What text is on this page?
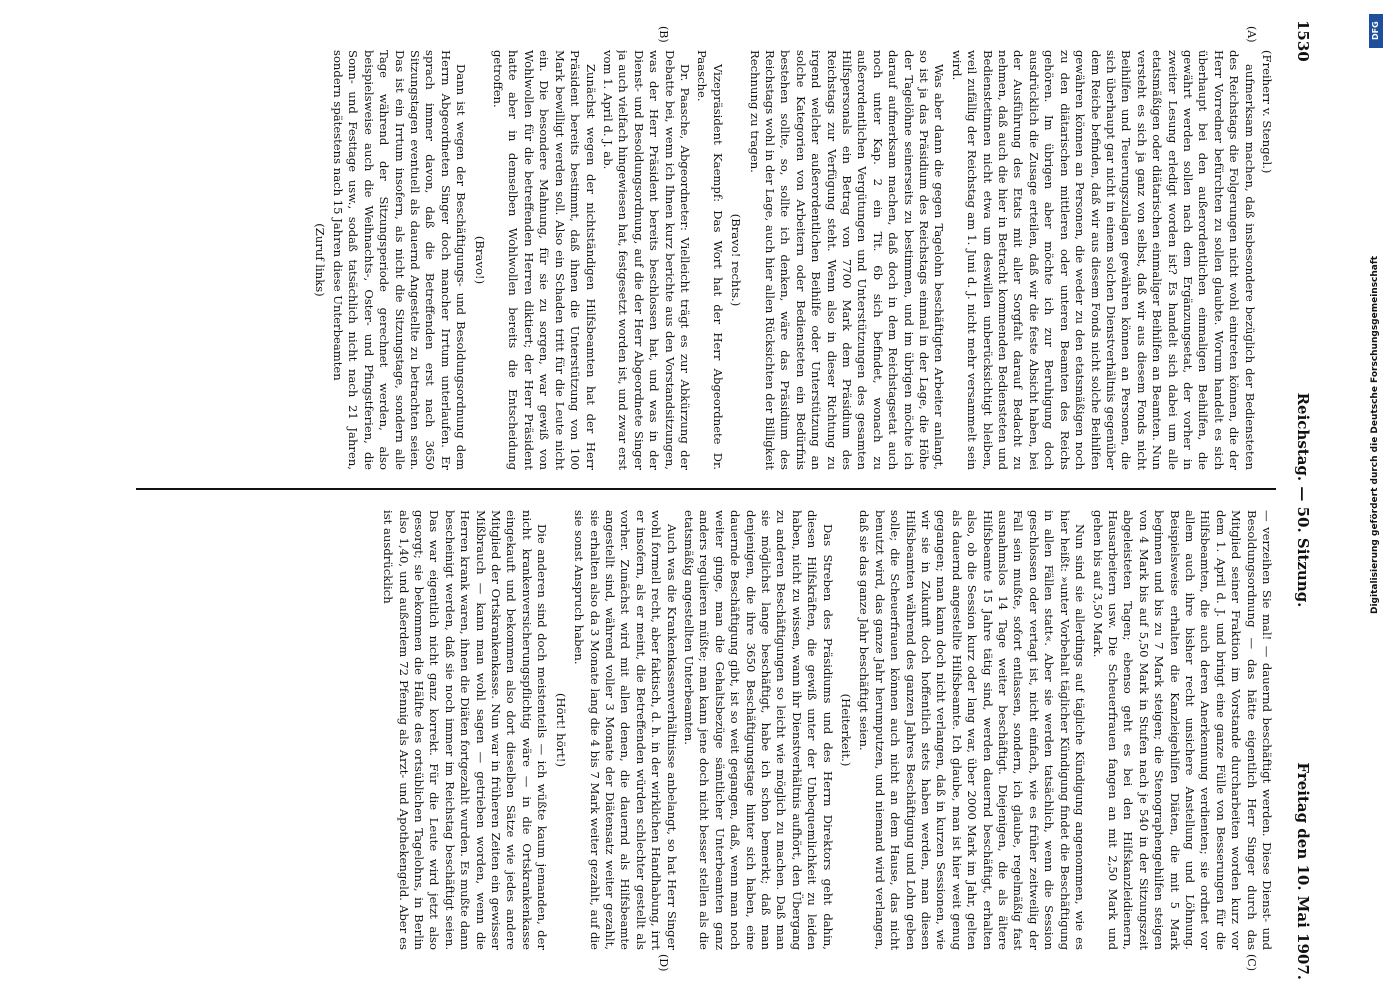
1530
Reichstag. — 50. Sitzung.
Freitag den 10. Mai 1907.
(A)
(B)
(C)
(D)

(Freiherr v. Stengel.)

aufmerksam machen, daß insbesondere bezüglich der Bediensteten des Reichstags die Folgerungen nicht wohl eintreten können, die der Herr Vorredner befürchten zu sollen glaubte. Worum handelt es sich überhaupt bei den außerordentlichen einmaligen Beihilfen, die gewährt werden sollen nach dem Ergänzungsetat, der vorher in zweiter Lesung erledigt worden ist? Es handelt sich dabei um alle etatsmäßigen oder diätarischen einmaliger Beihilfen an Beamten. Nun versteht es sich ja ganz von selbst, daß wir aus diesem Fonds nicht Beihilfen und Teuerungszulagen gewähren können an Personen, die sich überhaupt gar nicht in einem solchen Dienstverhältnis gegenüber dem Reiche befinden, daß wir aus diesem Fonds nicht solche Beihilfen gewähren können an Personen, die weder zu den etatsmäßigen noch zu den diätarischen mittleren oder unteren Beamten des Reichs gehören. Im übrigen aber möchte ich zur Beruhigung doch ausdrücklich die Zusage erteilen, daß wir die feste Absicht haben, bei der Ausführung des Etats mit aller Sorgfalt darauf Bedacht zu nehmen, daß auch die hier in Betracht kommenden Bediensteten und Bedienstetinnen nicht etwa um deswillen unberücksichtigt bleiben, weil zufällig der Reichstag am 1. Juni d. J. nicht mehr versammelt sein wird.

Was aber dann die gegen Tagelohn beschäftigten Arbeiter anlangt, so ist ja das Präsidium des Reichstags einmal in der Lage, die Höhe der Tagelöhne seinerseits zu bestimmen, und im übrigen möchte ich darauf aufmerksam machen, daß doch in dem Reichstagsetat auch noch unter Kap. 2 ein Tit. 6b sich befindet, wonach zu außerordentlichen Vergütungen und Unterstützungen des gesamten Hilfspersonals ein Betrag von 7700 Mark dem Präsidium des Reichstags zur Verfügung steht. Wenn also in dieser Richtung zu irgend welcher außerordentlichen Beihilfe oder Unterstützung an solche Kategorien von Arbeitern oder Bediensteten ein Bedürfnis bestehen sollte, so, sollte ich denken, wäre das Präsidium des Reichstags wohl in der Lage, auch hier allen Rücksichten der Billigkeit Rechnung zu tragen.

(Bravo! rechts.)

Vizepräsident Kaempf: Das Wort hat der Herr Abgeordnete Dr. Paasche.

Dr. Paasche, Abgeordneter: Vielleicht trägt es zur Abkürzung der Debatte bei, wenn ich Ihnen kurz berichte aus den Vorstandsitzungen, was der Herr Präsident bereits beschlossen hat, und was in der Dienst- und Besoldungsordnung, auf die der Herr Abgeordnete Singer ja auch vielfach hingewiesen hat, festgesetzt worden ist, und zwar erst vom 1. April d. J. ab.

Zunächst wegen der nichtständigen Hilfsbeamten hat der Herr Präsident bereits bestimmt, daß ihnen die Unterstützung von 100 Mark bewilligt werden soll. Also ein Schaden tritt für die Leute nicht ein. Die besondere Mahnung, für sie zu sorgen, war gewiß von Wohlwollen für die betreffenden Herren diktiert; der Herr Präsident hatte aber in demselben Wohlwollen bereits die Entscheidung getroffen.

(Bravo!)

Dann ist wegen der Beschäftigungs- und Besoldungsordnung dem Herrn Abgeordneten Singer doch mancher Irrtum unterlaufen. Er sprach immer davon, daß die Betreffenden erst nach 3650 Sitzungstagen eventuell als dauernd Angestellte zu betrachten seien. Das ist ein Irrtum insofern, als nicht die Sitzungstage, sondern alle Tage während der Sitzungsperiode gerechnet werden, also beispielsweise auch die Weihnachts-, Oster- und Pfingstferien, die Sonn- und Festtage usw., sodaß tatsächlich nicht nach 21 Jahren, sondern spätestens nach 15 Jahren diese Unterbeamten

(Zuruf links)

— verzeihen Sie mal! — dauernd beschäftigt werden. Diese Dienst- und Besoldungsordnung — das hätte eigentlich Herr Singer durch das Mitglied seiner Fraktion im Vorstande durcharbeiten worden kurz vor dem 1. April d. J. und bringt eine ganze Fülle von Besserungen für die Hilfsbeamten, die auch deren Anerkennung verdienten; sie ordnet vor allem auch ihre bisher recht unsichere Anstellung und Löhnung. Beispielsweise erhalten die Kanzleigehilfen Diäten, die mit 5 Mark beginnen und bis zu 7 Mark steigen; die Stenographengehilfen steigen von 4 Mark bis auf 5,50 Mark in Stufen nach je 540 in der Sitzungszeit abgeleisteten Tagen; ebenso geht es bei den Hilfskanzleidienern, Hausarbeitern usw. Die Scheuerfrauen fangen an mit 2,50 Mark und gehen bis auf 3,50 Mark.

Nun sind sie allerdings auf tägliche Kündigung angenommen, wie es hier heißt: »unter Vorbehalt täglicher Kündigung findet die Beschäftigung in allen Fällen statt«. Aber sie werden tatsächlich, wenn die Session geschlossen oder vertagt ist, nicht einfach, wie es früher zeitweilig der Fall sein mußte, sofort entlassen, sondern, ich glaube, regelmäßig fast ausnahmslos 14 Tage weiter beschäftigt. Diejenigen, die als ältere Hilfsbeamte 15 Jahre tätig sind, werden dauernd beschäftigt, erhalten also, ob die Session kurz oder lang war, über 2000 Mark im Jahr, gelten als dauernd angestellte Hilfsbeamte. Ich glaube, man ist hier weit genug gegangen; man kann doch nicht verlangen, daß in kurzen Sessionen, wie wir sie in Zukunft doch hoffentlich stets haben werden, man diesen Hilfsbeamten während des ganzen Jahres Beschäftigung und Lohn geben solle; die Scheuerfrauen können auch nicht an dem Hause, das nicht benutzt wird, das ganze Jahr herumputzen, und niemand wird verlangen, daß sie das ganze Jahr beschäftigt seien.

(Heiterkeit.)

Das Streben des Präsidiums und des Herrn Direktors geht dahin, diesen Hilfskräften, die gewiß unter der Unbequemlichkeit zu leiden haben, nicht zu wissen, wann ihr Dienstverhältnis aufhört, den Übergang zu anderen Beschäftigungen so leicht wie möglich zu machen. Daß man sie möglichst lange beschäftigt, habe ich schon bemerkt; daß man denjenigen, die ihre 3650 Beschäftigungstage hinter sich haben, eine dauernde Beschäftigung gibt, ist so weit gegangen, daß, wenn man noch weiter ginge, man die Gehaltsbezüge sämtlicher Unterbeamten ganz anders regulieren müßte; man kann jene doch nicht besser stellen als die etatsmäßig angestellten Unterbeamten.

Auch was die Krankenkassenverhältnisse anbelangt, so hat Herr Singer wohl formell recht, aber faktisch, d. h. in der wirklichen Handhabung, irrt er insofern, als er meint, die Betreffenden würden schlechter gestellt als vorher. Zunächst wird mit allen denen, die dauernd als Hilfsbeamte angestellt sind, während voller 3 Monate der Diätensatz weiter gezahlt, sie erhalten also da 3 Monate lang die 4 bis 7 Mark weiter gezahlt, auf die sie sonst Anspruch haben.

(Hört! hört!)

Die anderen sind doch meistenteils — ich wüßte kaum jemanden, der nicht krankenversicherungspflichtig wäre — in die Ortskrankenkasse eingekauft und bekommen also dort dieselben Sätze wie jedes andere Mitglied der Ortskrankenkasse. Nun war in früheren Zeiten ein gewisser Mißbrauch — kann man wohl sagen — getrieben worden, wenn die Herren krank waren, ihnen die Diäten fortgezahlt wurden. Es mußte dann bescheinigt werden, daß sie noch immer im Reichstag beschäftigt seien. Das war eigentlich nicht ganz korrekt. Für die Leute wird jetzt also gesorgt; sie bekommen die Hälfte des ortsüblichen Tagelohns, in Berlin also 1,40, und außerdem 72 Pfennig als Arzt- und Apothekengeld. Aber es ist ausdrücklich

DFG
Digitalisierung gefördert durch die Deutsche Forschungsgemeinschaft
